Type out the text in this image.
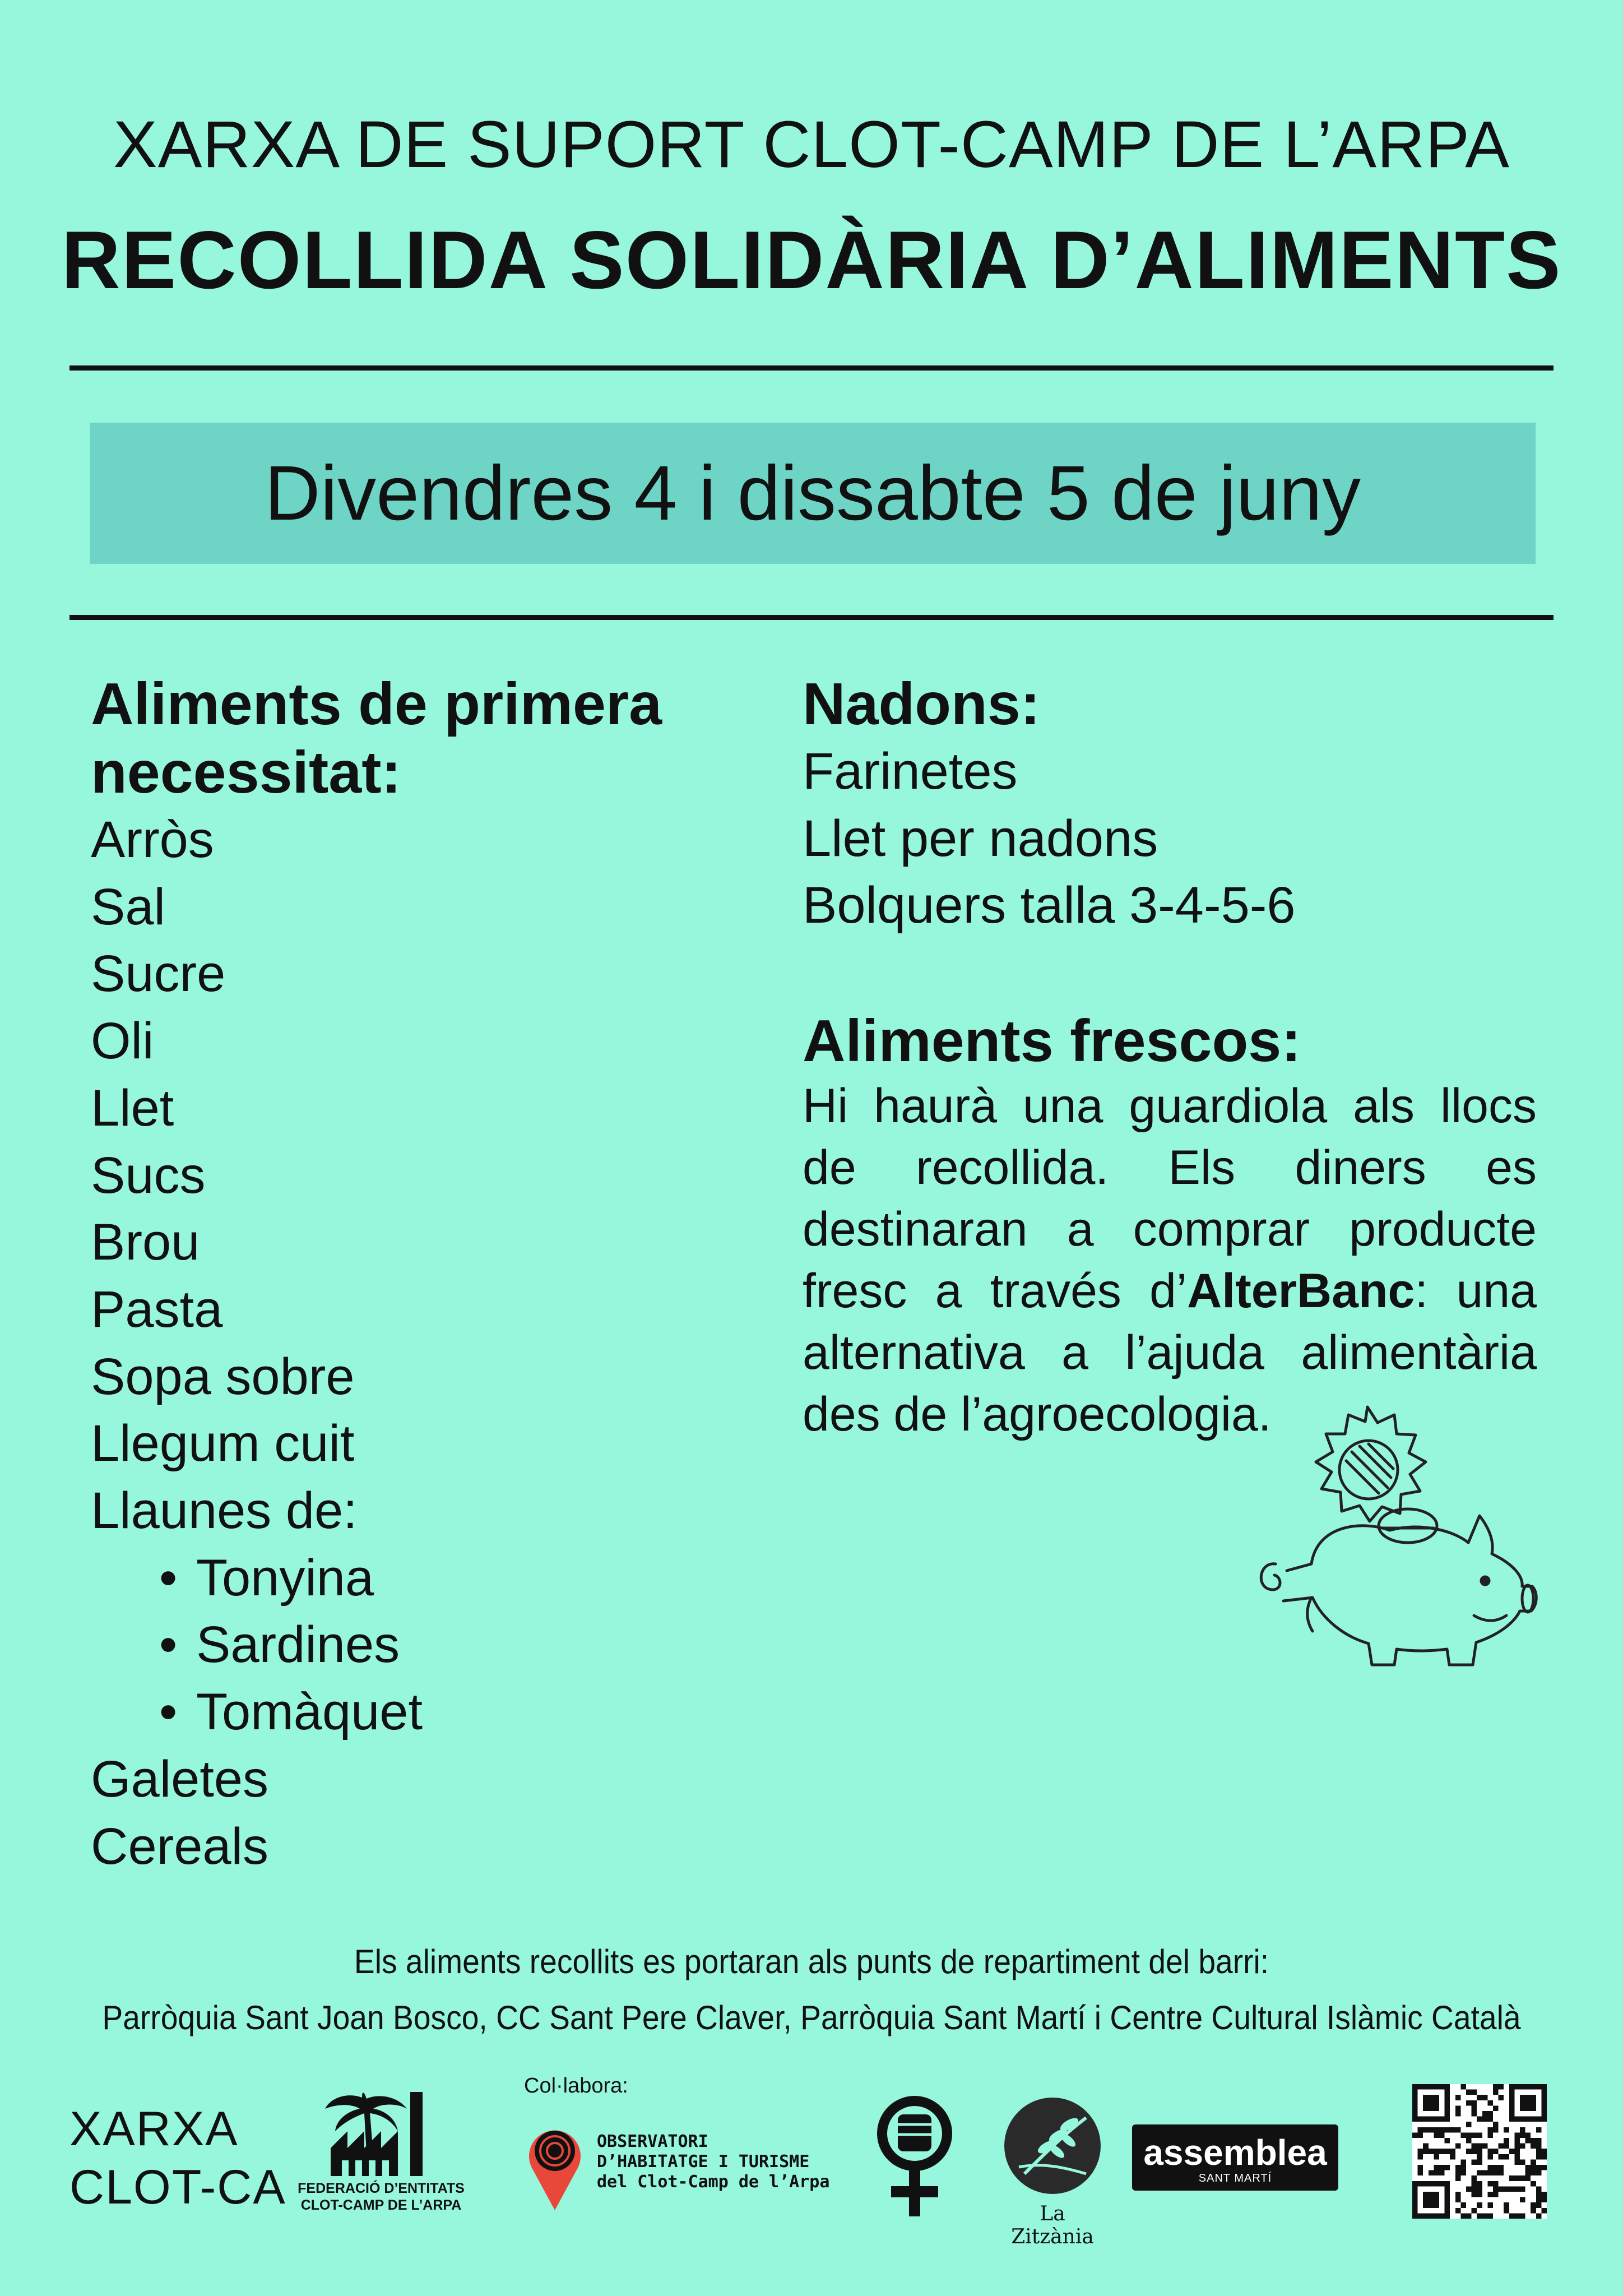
XARXA DE SUPORT CLOT-CAMP DE L’ARPA
RECOLLIDA SOLIDÀRIA D’ALIMENTS
Divendres 4 i dissabte 5 de juny
Aliments de primera
necessitat:
Arròs
Sal
Sucre
Oli
Llet
Sucs
Brou
Pasta
Sopa sobre
Llegum cuit
Llaunes de:
• Tonyina
• Sardines
• Tomàquet
Galetes
Cereals
Nadons:
Farinetes
Llet per nadons
Bolquers talla 3-4-5-6
Aliments frescos:
Hi haurà una guardiola als llocs de recollida. Els diners es destinaran a comprar producte fresc a través d’AlterBanc: una alternativa a l’ajuda alimentària des de l’agroecologia.
Els aliments recollits es portaran als punts de repartiment del barri:
Parròquia Sant Joan Bosco, CC Sant Pere Claver, Parròquia Sant Martí i Centre Cultural Islàmic Català
XARXA
CLOT-CA FEDERACIÓ D’ENTITATS
CLOT-CAMP DE L’ARPA
Col·labora:
OBSERVATORI
D’HABITATGE I TURISME
del Clot-Camp de l’Arpa
La Zitzània
assemblea
SANT MARTÍ
